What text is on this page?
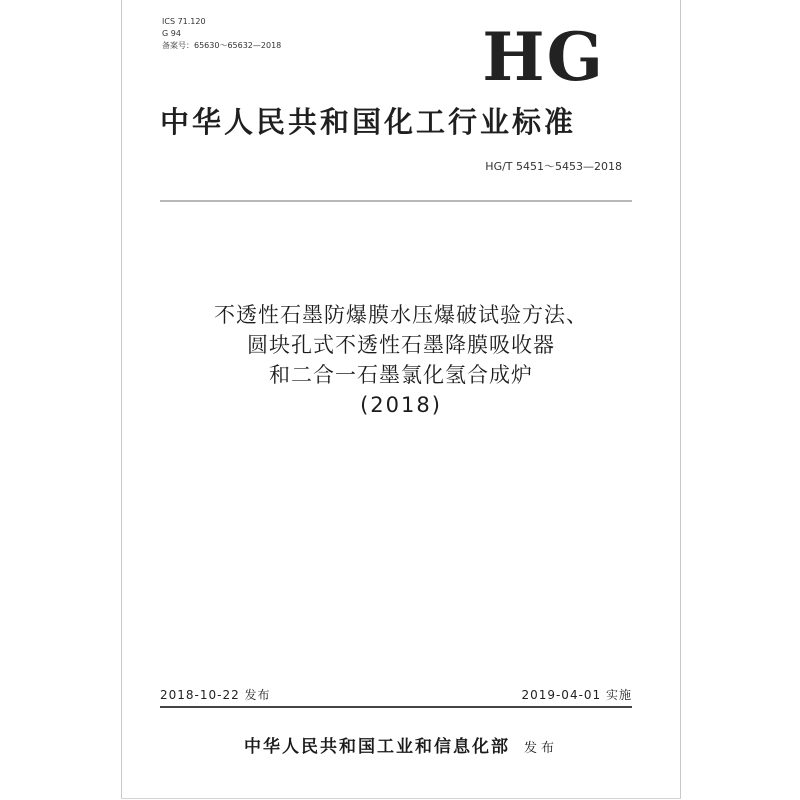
ICS 71.120
G 94
备案号：65630～65632—2018	HG
中华人民共和国化工行业标准
HG/T 5451～5453—2018
不透性石墨防爆膜水压爆破试验方法、
圆块孔式不透性石墨降膜吸收器
和二合一石墨氯化氢合成炉
(2018)
2018-10-22 发布	2019-04-01 实施
中华人民共和国工业和信息化部 发布
